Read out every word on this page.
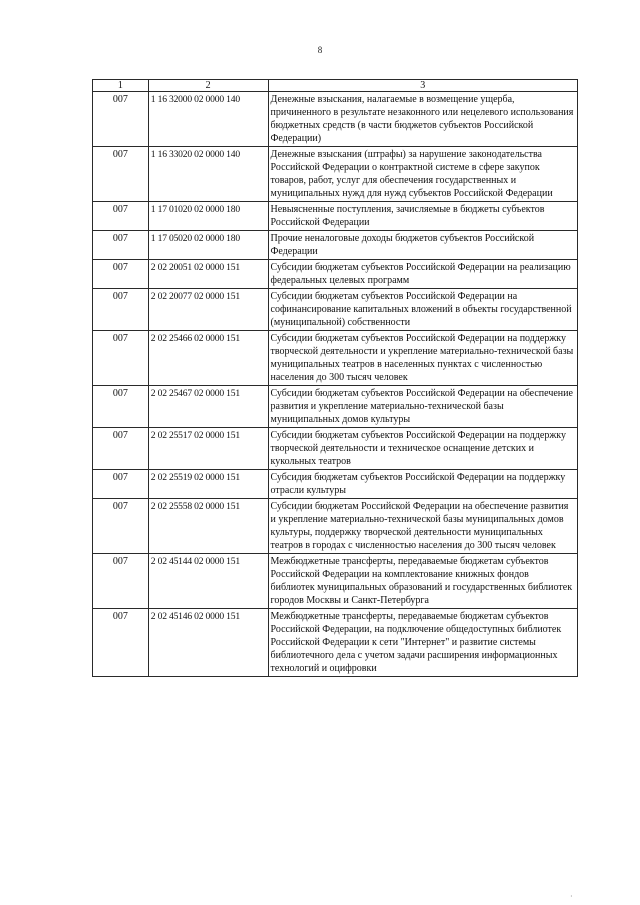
8
1	2	3
007	1 16 32000 02 0000 140	Денежные взыскания, налагаемые в возмещение ущерба, причиненного в результате незаконного или нецелевого использования бюджетных средств (в части бюджетов субъектов Российской Федерации)
007	1 16 33020 02 0000 140	Денежные взыскания (штрафы) за нарушение законодательства Российской Федерации о контрактной системе в сфере закупок товаров, работ, услуг для обеспечения государственных и муниципальных нужд для нужд субъектов Российской Федерации
007	1 17 01020 02 0000 180	Невыясненные поступления, зачисляемые в бюджеты субъектов Российской Федерации
007	1 17 05020 02 0000 180	Прочие неналоговые доходы бюджетов субъектов Российской Федерации
007	2 02 20051 02 0000 151	Субсидии бюджетам субъектов Российской Федерации на реализацию федеральных целевых программ
007	2 02 20077 02 0000 151	Субсидии бюджетам субъектов Российской Федерации на софинансирование капитальных вложений в объекты государственной (муниципальной) собственности
007	2 02 25466 02 0000 151	Субсидии бюджетам субъектов Российской Федерации на поддержку творческой деятельности и укрепление материально-технической базы муниципальных театров в населенных пунктах с численностью населения до 300 тысяч человек
007	2 02 25467 02 0000 151	Субсидии бюджетам субъектов Российской Федерации на обеспечение развития и укрепление материально-технической базы муниципальных домов культуры
007	2 02 25517 02 0000 151	Субсидии бюджетам субъектов Российской Федерации на поддержку творческой деятельности и техническое оснащение детских и кукольных театров
007	2 02 25519 02 0000 151	Субсидия бюджетам субъектов Российской Федерации на поддержку отрасли культуры
007	2 02 25558 02 0000 151	Субсидии бюджетам Российской Федерации на обеспечение развития и укрепление материально-технической базы муниципальных домов культуры, поддержку творческой деятельности муниципальных театров в городах с численностью населения до 300 тысяч человек
007	2 02 45144 02 0000 151	Межбюджетные трансферты, передаваемые бюджетам субъектов Российской Федерации на комплектование книжных фондов библиотек муниципальных образований и государственных библиотек городов Москвы и Санкт-Петербурга
007	2 02 45146 02 0000 151	Межбюджетные трансферты, передаваемые бюджетам субъектов Российской Федерации, на подключение общедоступных библиотек Российской Федерации к сети "Интернет" и развитие системы библиотечного дела с учетом задачи расширения информационных технологий и оцифровки
·
